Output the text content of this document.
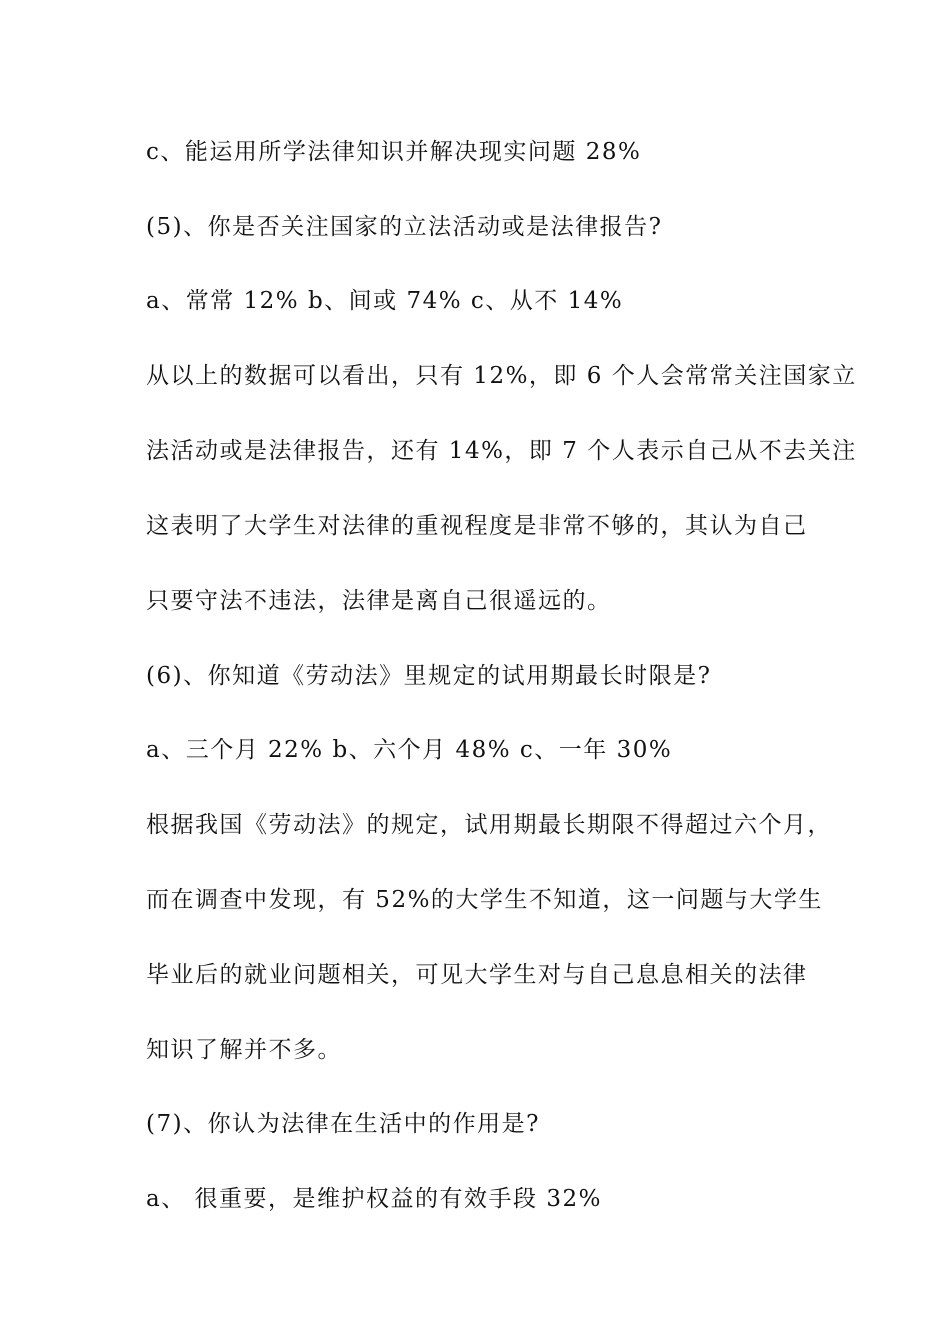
c、能运用所学法律知识并解决现实问题 28%
(5)、你是否关注国家的立法活动或是法律报告?
a、常常 12% b、间或 74% c、从不 14%
从以上的数据可以看出，只有 12%，即 6 个人会常常关注国家立
法活动或是法律报告，还有 14%，即 7 个人表示自己从不去关注
这表明了大学生对法律的重视程度是非常不够的，其认为自己
只要守法不违法，法律是离自己很遥远的。
(6)、你知道《劳动法》里规定的试用期最长时限是?
a、三个月 22% b、六个月 48% c、一年 30%
根据我国《劳动法》的规定，试用期最长期限不得超过六个月，
而在调查中发现，有 52%的大学生不知道，这一问题与大学生
毕业后的就业问题相关，可见大学生对与自己息息相关的法律
知识了解并不多。
(7)、你认为法律在生活中的作用是?
a、 很重要，是维护权益的有效手段 32%
